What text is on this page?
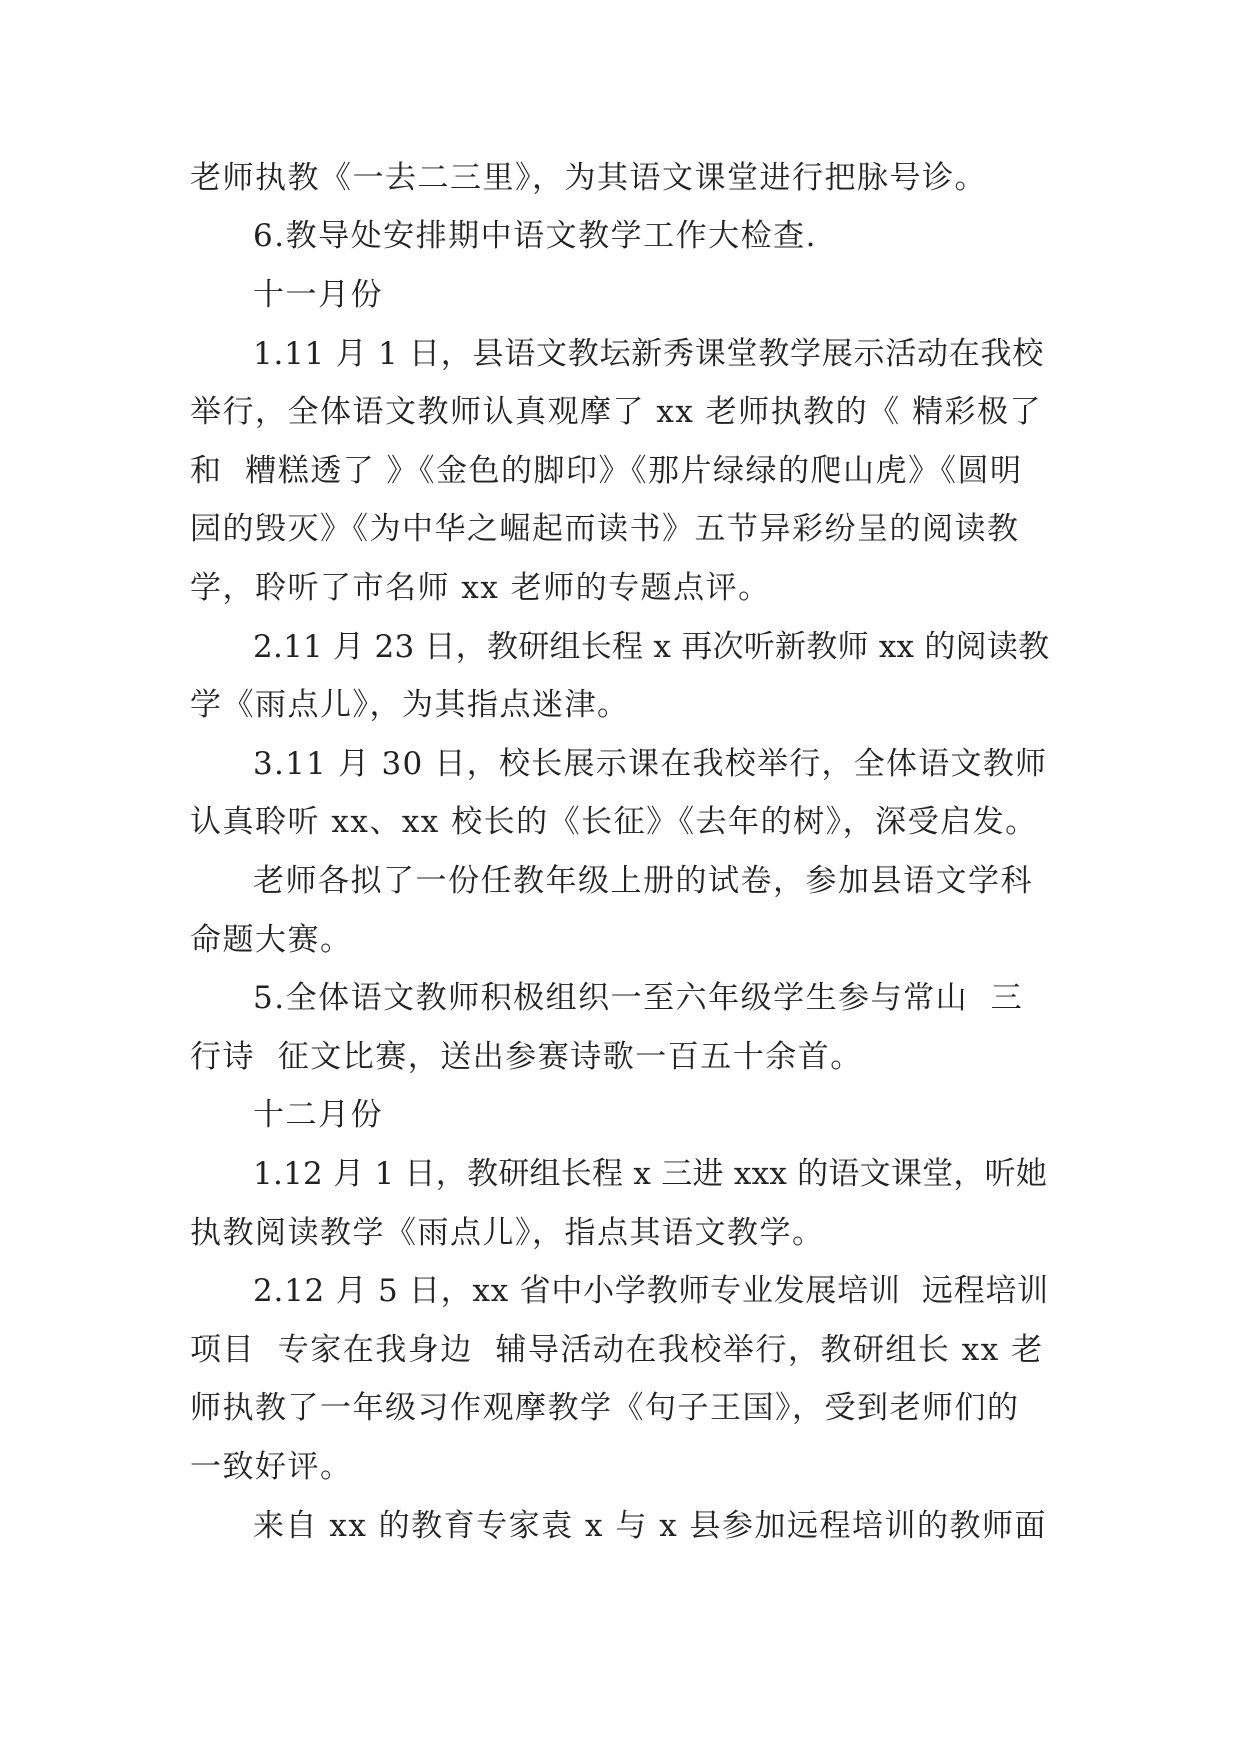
老师执教《一去二三里》，为其语文课堂进行把脉号诊。
6.教导处安排期中语文教学工作大检查.
十一月份
1.11 月 1 日，县语文教坛新秀课堂教学展示活动在我校
举行，全体语文教师认真观摩了 xx 老师执教的《 精彩极了
和  糟糕透了 》《金色的脚印》《那片绿绿的爬山虎》《圆明
园的毁灭》《为中华之崛起而读书》五节异彩纷呈的阅读教
学，聆听了市名师 xx 老师的专题点评。
2.11 月 23 日，教研组长程 x 再次听新教师 xx 的阅读教
学《雨点儿》，为其指点迷津。
3.11 月 30 日，校长展示课在我校举行，全体语文教师
认真聆听 xx、xx 校长的《长征》《去年的树》，深受启发。
老师各拟了一份任教年级上册的试卷，参加县语文学科
命题大赛。
5.全体语文教师积极组织一至六年级学生参与常山  三
行诗  征文比赛，送出参赛诗歌一百五十余首。
十二月份
1.12 月 1 日，教研组长程 x 三进 xxx 的语文课堂，听她
执教阅读教学《雨点儿》，指点其语文教学。
2.12 月 5 日，xx 省中小学教师专业发展培训  远程培训
项目  专家在我身边  辅导活动在我校举行，教研组长 xx 老
师执教了一年级习作观摩教学《句子王国》，受到老师们的
一致好评。
来自 xx 的教育专家袁 x 与 x 县参加远程培训的教师面
